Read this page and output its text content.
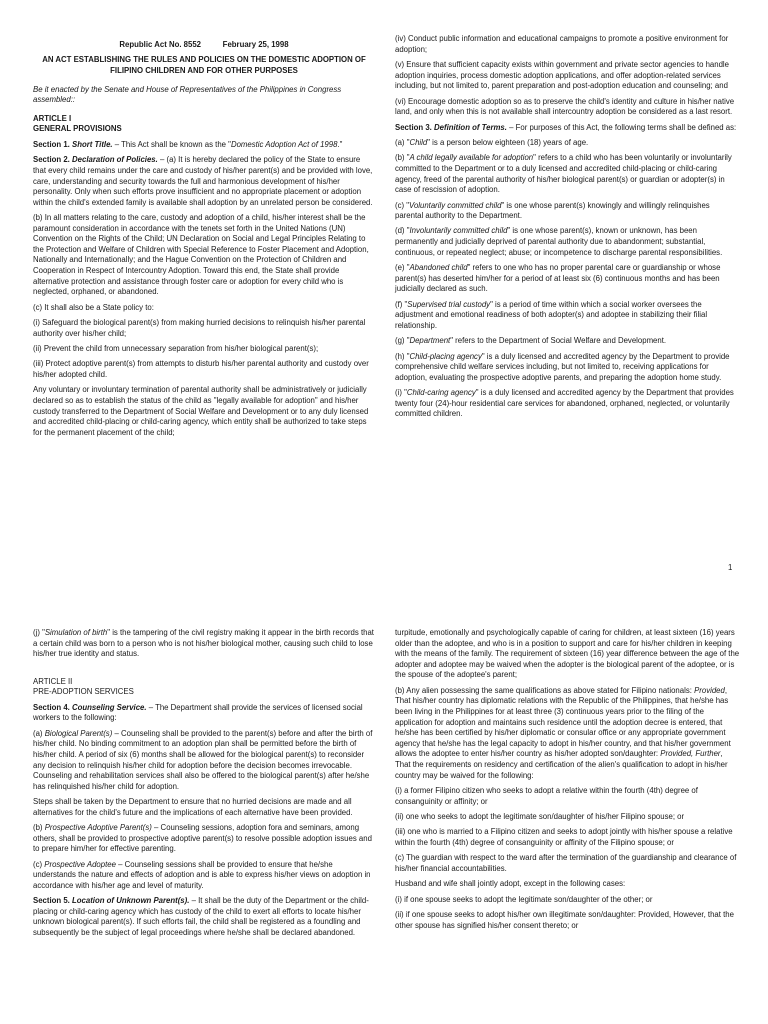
Republic Act No. 8552          February 25, 1998

AN ACT ESTABLISHING THE RULES AND POLICIES ON THE DOMESTIC ADOPTION OF FILIPINO CHILDREN AND FOR OTHER PURPOSES

Be it enacted by the Senate and House of Representatives of the Philippines in Congress assembled::

ARTICLE I
GENERAL PROVISIONS

Section 1. Short Title. – This Act shall be known as the "Domestic Adoption Act of 1998."

Section 2. Declaration of Policies. – (a) It is hereby declared the policy of the State to ensure that every child remains under the care and custody of his/her parent(s) and be provided with love, care, understanding and security towards the full and harmonious development of his/her personality. Only when such efforts prove insufficient and no appropriate placement or adoption within the child's extended family is available shall adoption by an unrelated person be considered.

(b) In all matters relating to the care, custody and adoption of a child, his/her interest shall be the paramount consideration in accordance with the tenets set forth in the United Nations (UN) Convention on the Rights of the Child; UN Declaration on Social and Legal Principles Relating to the Protection and Welfare of Children with Special Reference to Foster Placement and Adoption, Nationally and Internationally; and the Hague Convention on the Protection of Children and Cooperation in Respect of Intercountry Adoption. Toward this end, the State shall provide alternative protection and assistance through foster care or adoption for every child who is neglected, orphaned, or abandoned.

(c) It shall also be a State policy to:

(i) Safeguard the biological parent(s) from making hurried decisions to relinquish his/her parental authority over his/her child;

(ii) Prevent the child from unnecessary separation from his/her biological parent(s);

(iii) Protect adoptive parent(s) from attempts to disturb his/her parental authority and custody over his/her adopted child.

Any voluntary or involuntary termination of parental authority shall be administratively or judicially declared so as to establish the status of the child as "legally available for adoption" and his/her custody transferred to the Department of Social Welfare and Development or to any duly licensed and accredited child-placing or child-caring agency, which entity shall be authorized to take steps for the permanent placement of the child;

(iv) Conduct public information and educational campaigns to promote a positive environment for adoption;

(v) Ensure that sufficient capacity exists within government and private sector agencies to handle adoption inquiries, process domestic adoption applications, and offer adoption-related services including, but not limited to, parent preparation and post-adoption education and counseling; and

(vi) Encourage domestic adoption so as to preserve the child's identity and culture in his/her native land, and only when this is not available shall intercountry adoption be considered as a last resort.

Section 3. Definition of Terms. – For purposes of this Act, the following terms shall be defined as:

(a) "Child" is a person below eighteen (18) years of age.

(b) "A child legally available for adoption" refers to a child who has been voluntarily or involuntarily committed to the Department or to a duly licensed and accredited child-placing or child-caring agency, freed of the parental authority of his/her biological parent(s) or guardian or adopter(s) in case of rescission of adoption.

(c) "Voluntarily committed child" is one whose parent(s) knowingly and willingly relinquishes parental authority to the Department.

(d) "Involuntarily committed child" is one whose parent(s), known or unknown, has been permanently and judicially deprived of parental authority due to abandonment; substantial, continuous, or repeated neglect; abuse; or incompetence to discharge parental responsibilities.

(e) "Abandoned child" refers to one who has no proper parental care or guardianship or whose parent(s) has deserted him/her for a period of at least six (6) continuous months and has been judicially declared as such.

(f) "Supervised trial custody" is a period of time within which a social worker oversees the adjustment and emotional readiness of both adopter(s) and adoptee in stabilizing their filial relationship.

(g) "Department" refers to the Department of Social Welfare and Development.

(h) "Child-placing agency" is a duly licensed and accredited agency by the Department to provide comprehensive child welfare services including, but not limited to, receiving applications for adoption, evaluating the prospective adoptive parents, and preparing the adoption home study.

(i) "Child-caring agency" is a duly licensed and accredited agency by the Department that provides twenty four (24)-hour residential care services for abandoned, orphaned, neglected, or voluntarily committed children.

1

(j) "Simulation of birth" is the tampering of the civil registry making it appear in the birth records that a certain child was born to a person who is not his/her biological mother, causing such child to lose his/her true identity and status.

ARTICLE II
PRE-ADOPTION SERVICES

Section 4. Counseling Service. – The Department shall provide the services of licensed social workers to the following:

(a) Biological Parent(s) – Counseling shall be provided to the parent(s) before and after the birth of his/her child. No binding commitment to an adoption plan shall be permitted before the birth of his/her child. A period of six (6) months shall be allowed for the biological parent(s) to reconsider any decision to relinquish his/her child for adoption before the decision becomes irrevocable. Counseling and rehabilitation services shall also be offered to the biological parent(s) after he/she has relinquished his/her child for adoption.

Steps shall be taken by the Department to ensure that no hurried decisions are made and all alternatives for the child's future and the implications of each alternative have been provided.

(b) Prospective Adoptive Parent(s) – Counseling sessions, adoption fora and seminars, among others, shall be provided to prospective adoptive parent(s) to resolve possible adoption issues and to prepare him/her for effective parenting.

(c) Prospective Adoptee – Counseling sessions shall be provided to ensure that he/she understands the nature and effects of adoption and is able to express his/her views on adoption in accordance with his/her age and level of maturity.

Section 5. Location of Unknown Parent(s). – It shall be the duty of the Department or the child-placing or child-caring agency which has custody of the child to exert all efforts to locate his/her unknown biological parent(s). If such efforts fail, the child shall be registered as a foundling and subsequently be the subject of legal proceedings where he/she shall be declared abandoned.

turpitude, emotionally and psychologically capable of caring for children, at least sixteen (16) years older than the adoptee, and who is in a position to support and care for his/her children in keeping with the means of the family. The requirement of sixteen (16) year difference between the age of the adopter and adoptee may be waived when the adopter is the biological parent of the adoptee, or is the spouse of the adoptee's parent;

(b) Any alien possessing the same qualifications as above stated for Filipino nationals: Provided, That his/her country has diplomatic relations with the Republic of the Philippines, that he/she has been living in the Philippines for at least three (3) continuous years prior to the filing of the application for adoption and maintains such residence until the adoption decree is entered, that he/she has been certified by his/her diplomatic or consular office or any appropriate government agency that he/she has the legal capacity to adopt in his/her country, and that his/her government allows the adoptee to enter his/her country as his/her adopted son/daughter: Provided, Further, That the requirements on residency and certification of the alien's qualification to adopt in his/her country may be waived for the following:

(i) a former Filipino citizen who seeks to adopt a relative within the fourth (4th) degree of consanguinity or affinity; or

(ii) one who seeks to adopt the legitimate son/daughter of his/her Filipino spouse; or

(iii) one who is married to a Filipino citizen and seeks to adopt jointly with his/her spouse a relative within the fourth (4th) degree of consanguinity or affinity of the Filipino spouse; or

(c) The guardian with respect to the ward after the termination of the guardianship and clearance of his/her financial accountabilities.

Husband and wife shall jointly adopt, except in the following cases:

(i) if one spouse seeks to adopt the legitimate son/daughter of the other; or

(ii) if one spouse seeks to adopt his/her own illegitimate son/daughter: Provided, However, that the other spouse has signified his/her consent thereto; or
